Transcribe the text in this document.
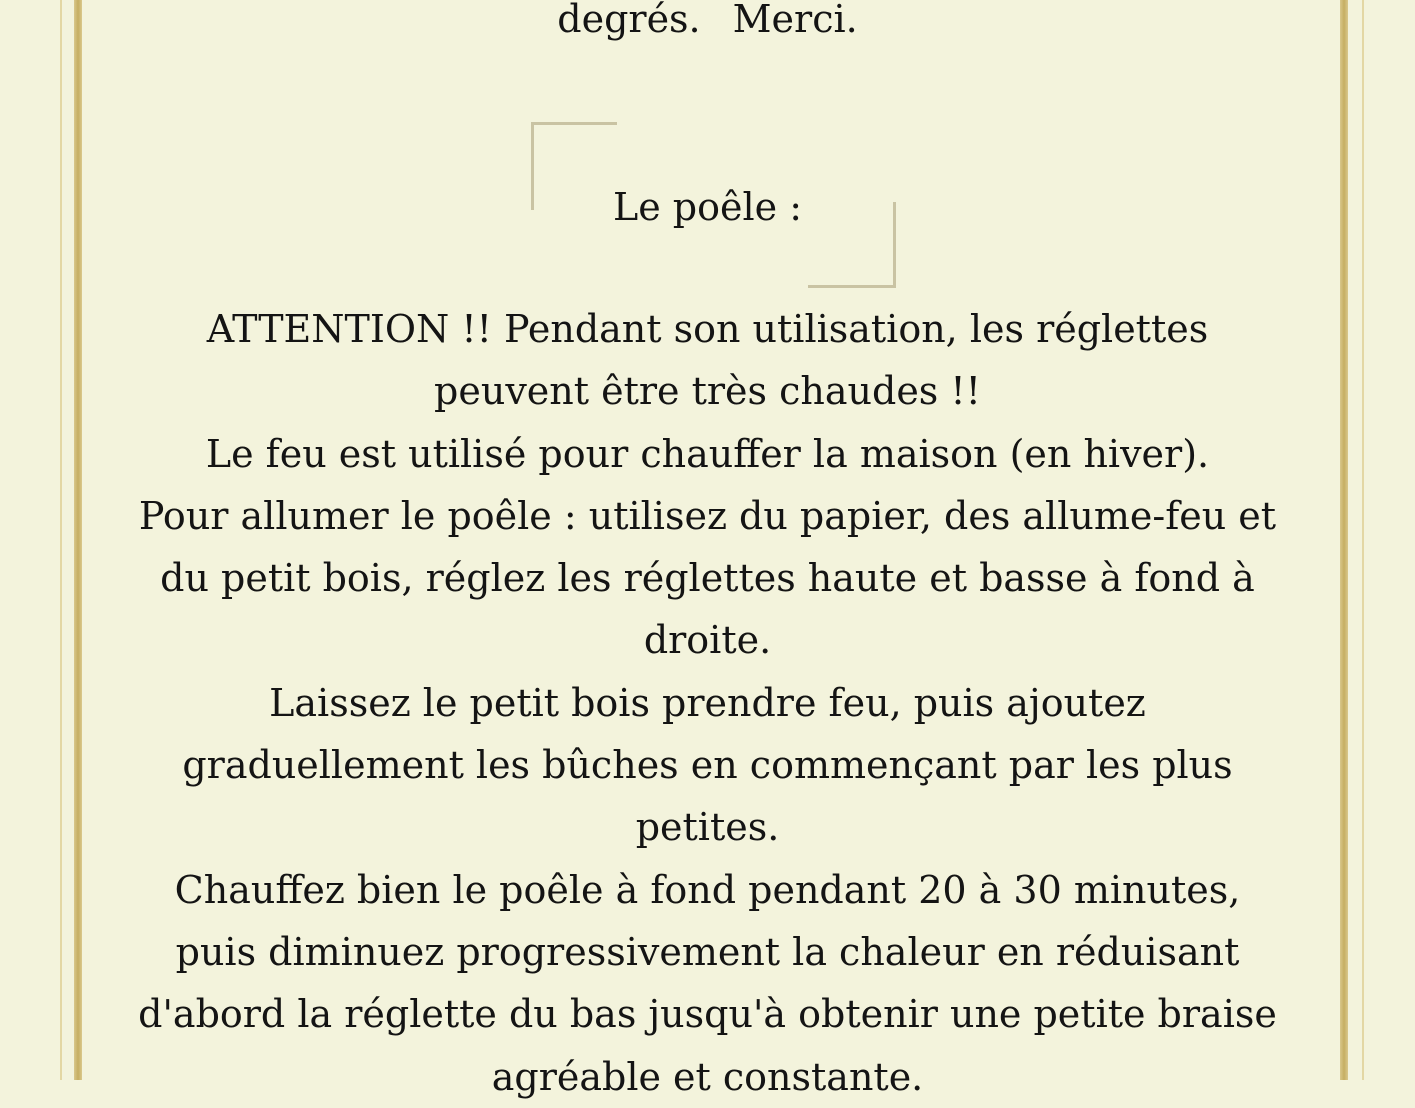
degrés. Merci.
Le poêle :
ATTENTION !! Pendant son utilisation, les réglettes
peuvent être très chaudes !!
Le feu est utilisé pour chauffer la maison (en hiver).
Pour allumer le poêle : utilisez du papier, des allume-feu et
du petit bois, réglez les réglettes haute et basse à fond à
droite.
Laissez le petit bois prendre feu, puis ajoutez
graduellement les bûches en commençant par les plus
petites.
Chauffez bien le poêle à fond pendant 20 à 30 minutes,
puis diminuez progressivement la chaleur en réduisant
d'abord la réglette du bas jusqu'à obtenir une petite braise
agréable et constante.
